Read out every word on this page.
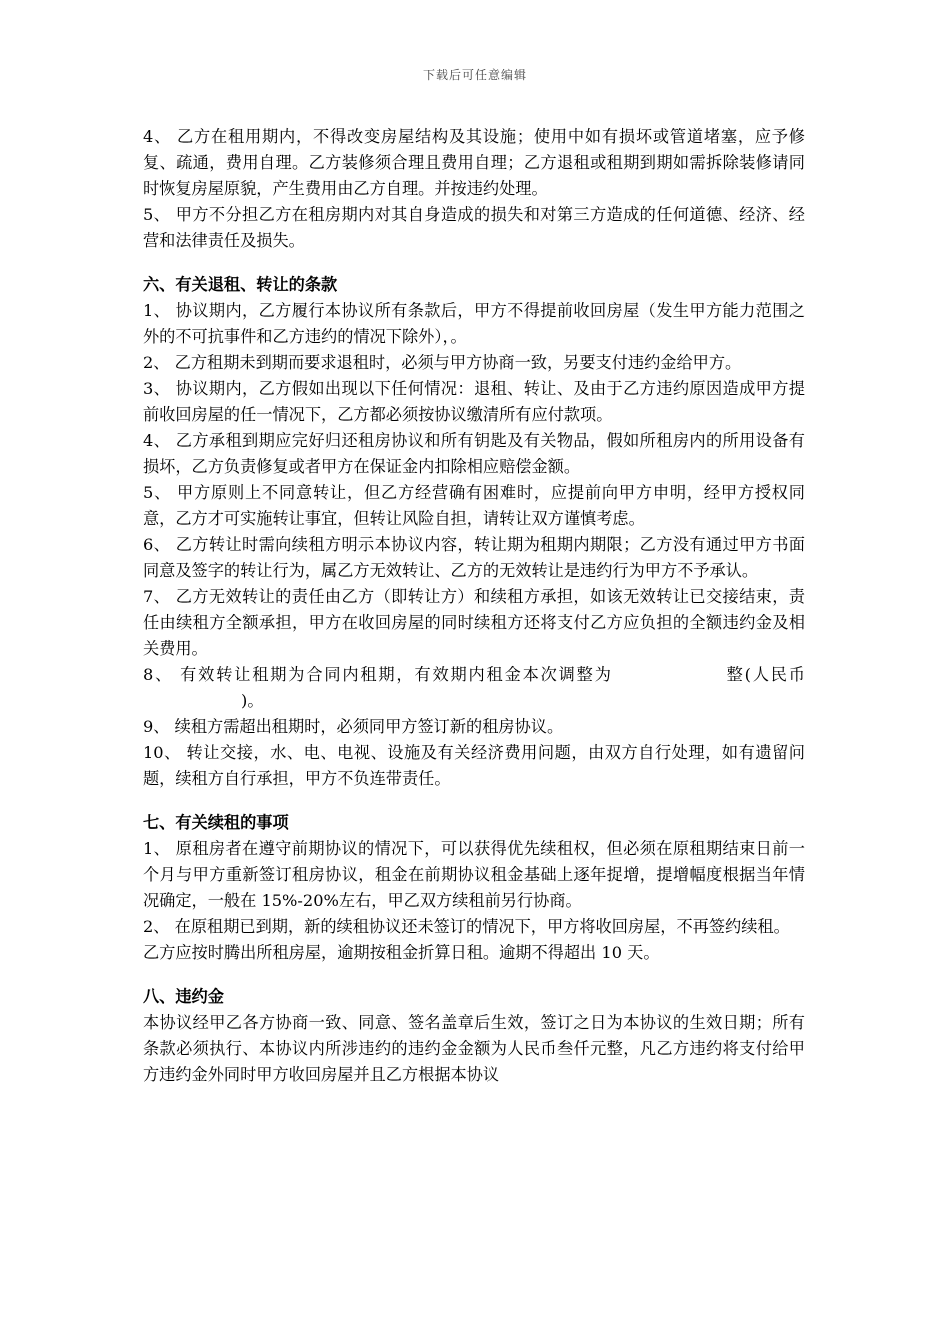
下载后可任意编辑

4、 乙方在租用期内，不得改变房屋结构及其设施；使用中如有损坏或管道堵塞，应予修复、疏通，费用自理。乙方装修须合理且费用自理；乙方退租或租期到期如需拆除装修请同时恢复房屋原貌，产生费用由乙方自理。并按违约处理。

5、 甲方不分担乙方在租房期内对其自身造成的损失和对第三方造成的任何道德、经济、经营和法律责任及损失。

六、有关退租、转让的条款

1、 协议期内，乙方履行本协议所有条款后，甲方不得提前收回房屋（发生甲方能力范围之外的不可抗事件和乙方违约的情况下除外），。

2、 乙方租期未到期而要求退租时，必须与甲方协商一致，另要支付违约金给甲方。

3、 协议期内，乙方假如出现以下任何情况：退租、转让、及由于乙方违约原因造成甲方提前收回房屋的任一情况下，乙方都必须按协议缴清所有应付款项。

4、 乙方承租到期应完好归还租房协议和所有钥匙及有关物品，假如所租房内的所用设备有损坏，乙方负责修复或者甲方在保证金内扣除相应赔偿金额。

5、 甲方原则上不同意转让，但乙方经营确有困难时，应提前向甲方申明，经甲方授权同意，乙方才可实施转让事宜，但转让风险自担，请转让双方谨慎考虑。

6、 乙方转让时需向续租方明示本协议内容，转让期为租期内期限；乙方没有通过甲方书面同意及签字的转让行为，属乙方无效转让、乙方的无效转让是违约行为甲方不予承认。

7、 乙方无效转让的责任由乙方（即转让方）和续租方承担，如该无效转让已交接结束，责任由续租方全额承担，甲方在收回房屋的同时续租方还将支付乙方应负担的全额违约金及相关费用。

8、 有效转让租期为合同内租期，有效期内租金本次调整为	整(人民币)。

9、 续租方需超出租期时，必须同甲方签订新的租房协议。

10、 转让交接，水、电、电视、设施及有关经济费用问题，由双方自行处理，如有遗留问题，续租方自行承担，甲方不负连带责任。

七、有关续租的事项

1、 原租房者在遵守前期协议的情况下，可以获得优先续租权，但必须在原租期结束日前一个月与甲方重新签订租房协议，租金在前期协议租金基础上逐年捉增，提增幅度根据当年情况确定，一般在 15%-20%左右，甲乙双方续租前另行协商。

2、 在原租期已到期，新的续租协议还未签订的情况下，甲方将收回房屋，不再签约续租。

乙方应按时腾出所租房屋，逾期按租金折算日租。逾期不得超出 10 天。

八、违约金

本协议经甲乙各方协商一致、同意、签名盖章后生效，签订之日为本协议的生效日期；所有条款必须执行、本协议内所涉违约的违约金金额为人民币叁仟元整，凡乙方违约将支付给甲方违约金外同时甲方收回房屋并且乙方根据本协议
